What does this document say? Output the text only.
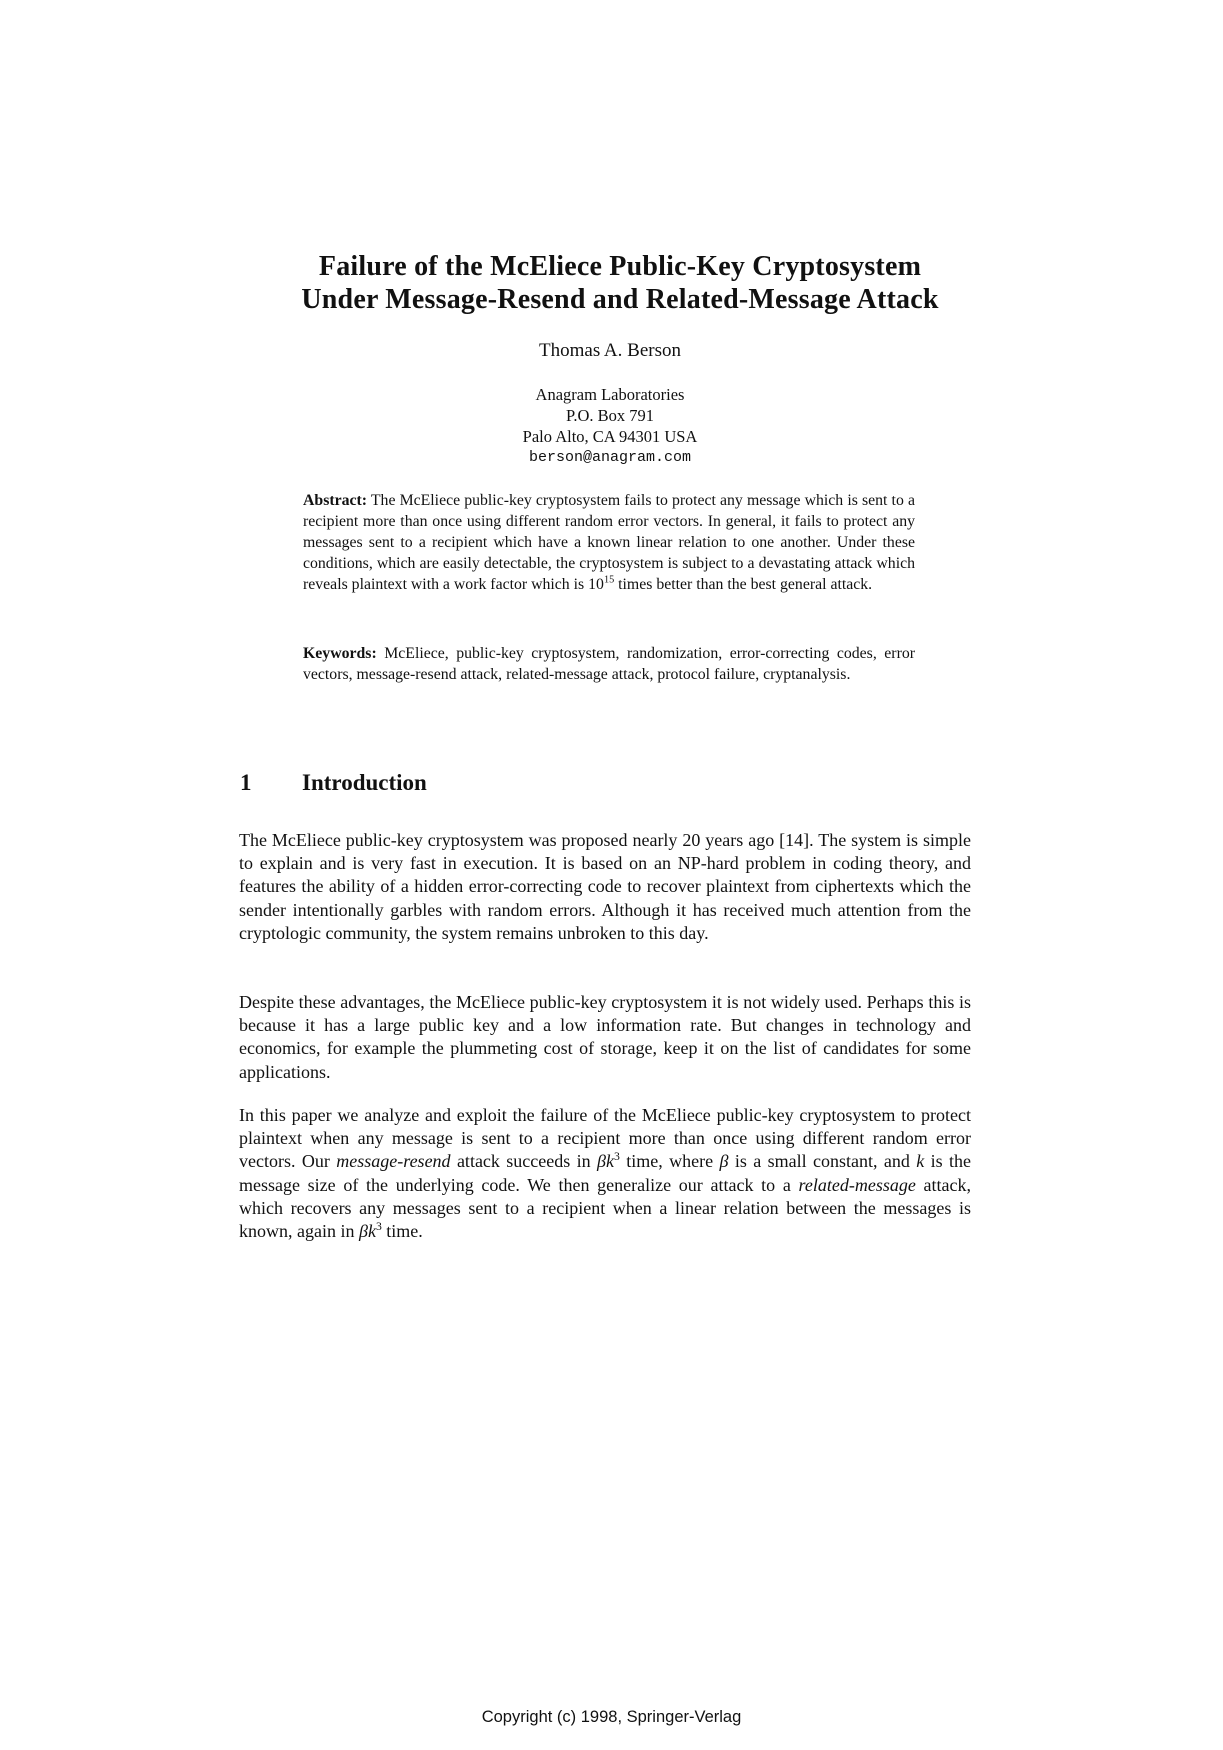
Failure of the McEliece Public-Key Cryptosystem
Under Message-Resend and Related-Message Attack
Thomas A. Berson
Anagram Laboratories
P.O. Box 791
Palo Alto, CA 94301 USA
berson@anagram.com
Abstract: The McEliece public-key cryptosystem fails to protect any message which is sent to a recipient more than once using different random error vectors. In general, it fails to protect any messages sent to a recipient which have a known linear relation to one another. Under these conditions, which are easily detectable, the cryptosystem is subject to a devastating attack which reveals plaintext with a work factor which is $10^{15}$ times better than the best general attack.
Keywords: McEliece, public-key cryptosystem, randomization, error-correcting codes, error vectors, message-resend attack, related-message attack, protocol failure, cryptanalysis.
1 Introduction
The McEliece public-key cryptosystem was proposed nearly 20 years ago [14]. The system is simple to explain and is very fast in execution. It is based on an NP-hard problem in coding theory, and features the ability of a hidden error-correcting code to recover plaintext from ciphertexts which the sender intentionally garbles with random errors. Although it has received much attention from the cryptologic community, the system remains unbroken to this day.
Despite these advantages, the McEliece public-key cryptosystem it is not widely used. Perhaps this is because it has a large public key and a low information rate. But changes in technology and economics, for example the plummeting cost of storage, keep it on the list of candidates for some applications.
In this paper we analyze and exploit the failure of the McEliece public-key cryptosystem to protect plaintext when any message is sent to a recipient more than once using different random error vectors. Our message-resend attack succeeds in $\beta k^3$ time, where β is a small constant, and k is the message size of the underlying code. We then generalize our attack to a related-message attack, which recovers any messages sent to a recipient when a linear relation between the messages is known, again in $\beta k^3$ time.
Copyright (c) 1998, Springer-Verlag
